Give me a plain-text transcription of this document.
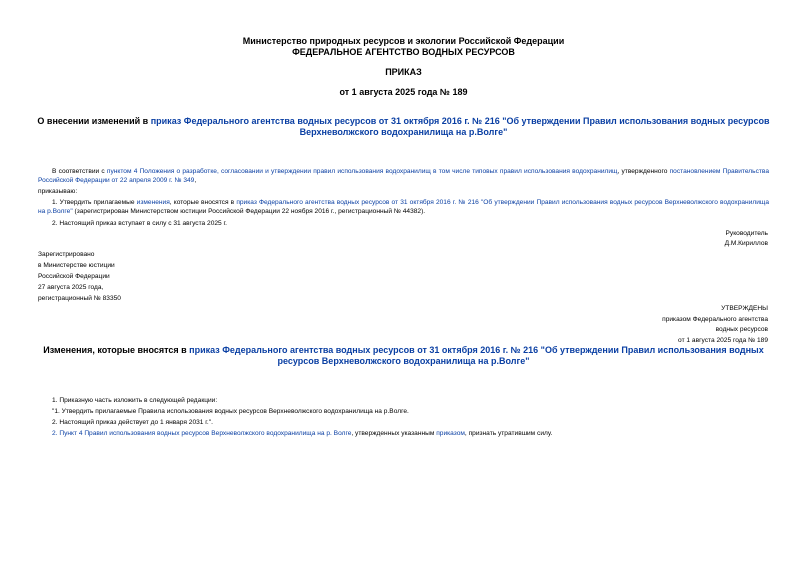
Министерство природных ресурсов и экологии Российской Федерации
ФЕДЕРАЛЬНОЕ АГЕНТСТВО ВОДНЫХ РЕСУРСОВ
ПРИКАЗ
от 1 августа 2025 года № 189
О внесении изменений в приказ Федерального агентства водных ресурсов от 31 октября 2016 г. № 216 "Об утверждении Правил использования водных ресурсов Верхневолжского водохранилища на р.Волге"
В соответствии с пунктом 4 Положения о разработке, согласовании и утверждении правил использования водохранилищ в том числе типовых правил использования водохранилищ, утвержденного постановлением Правительства Российской Федерации от 22 апреля 2009 г. № 349,
приказываю:
1. Утвердить прилагаемые изменения, которые вносятся в приказ Федерального агентства водных ресурсов от 31 октября 2016 г. № 216 "Об утверждении Правил использования водных ресурсов Верхневолжского водохранилища на р.Волге" (зарегистрирован Министерством юстиции Российской Федерации 22 ноября 2016 г., регистрационный № 44382).
2. Настоящий приказ вступает в силу с 31 августа 2025 г.
Руководитель
Д.М.Кириллов
Зарегистрировано
в Министерстве юстиции
Российской Федерации
27 августа 2025 года,
регистрационный № 83350
УТВЕРЖДЕНЫ
приказом Федерального агентства
водных ресурсов
от 1 августа 2025 года № 189
Изменения, которые вносятся в приказ Федерального агентства водных ресурсов от 31 октября 2016 г. № 216 "Об утверждении Правил использования водных ресурсов Верхневолжского водохранилища на р.Волге"
1. Приказную часть изложить в следующей редакции:
"1. Утвердить прилагаемые Правила использования водных ресурсов Верхневолжского водохранилища на р.Волге.
2. Настоящий приказ действует до 1 января 2031 г.".
2. Пункт 4 Правил использования водных ресурсов Верхневолжского водохранилища на р. Волге, утвержденных указанным приказом, признать утратившим силу.
